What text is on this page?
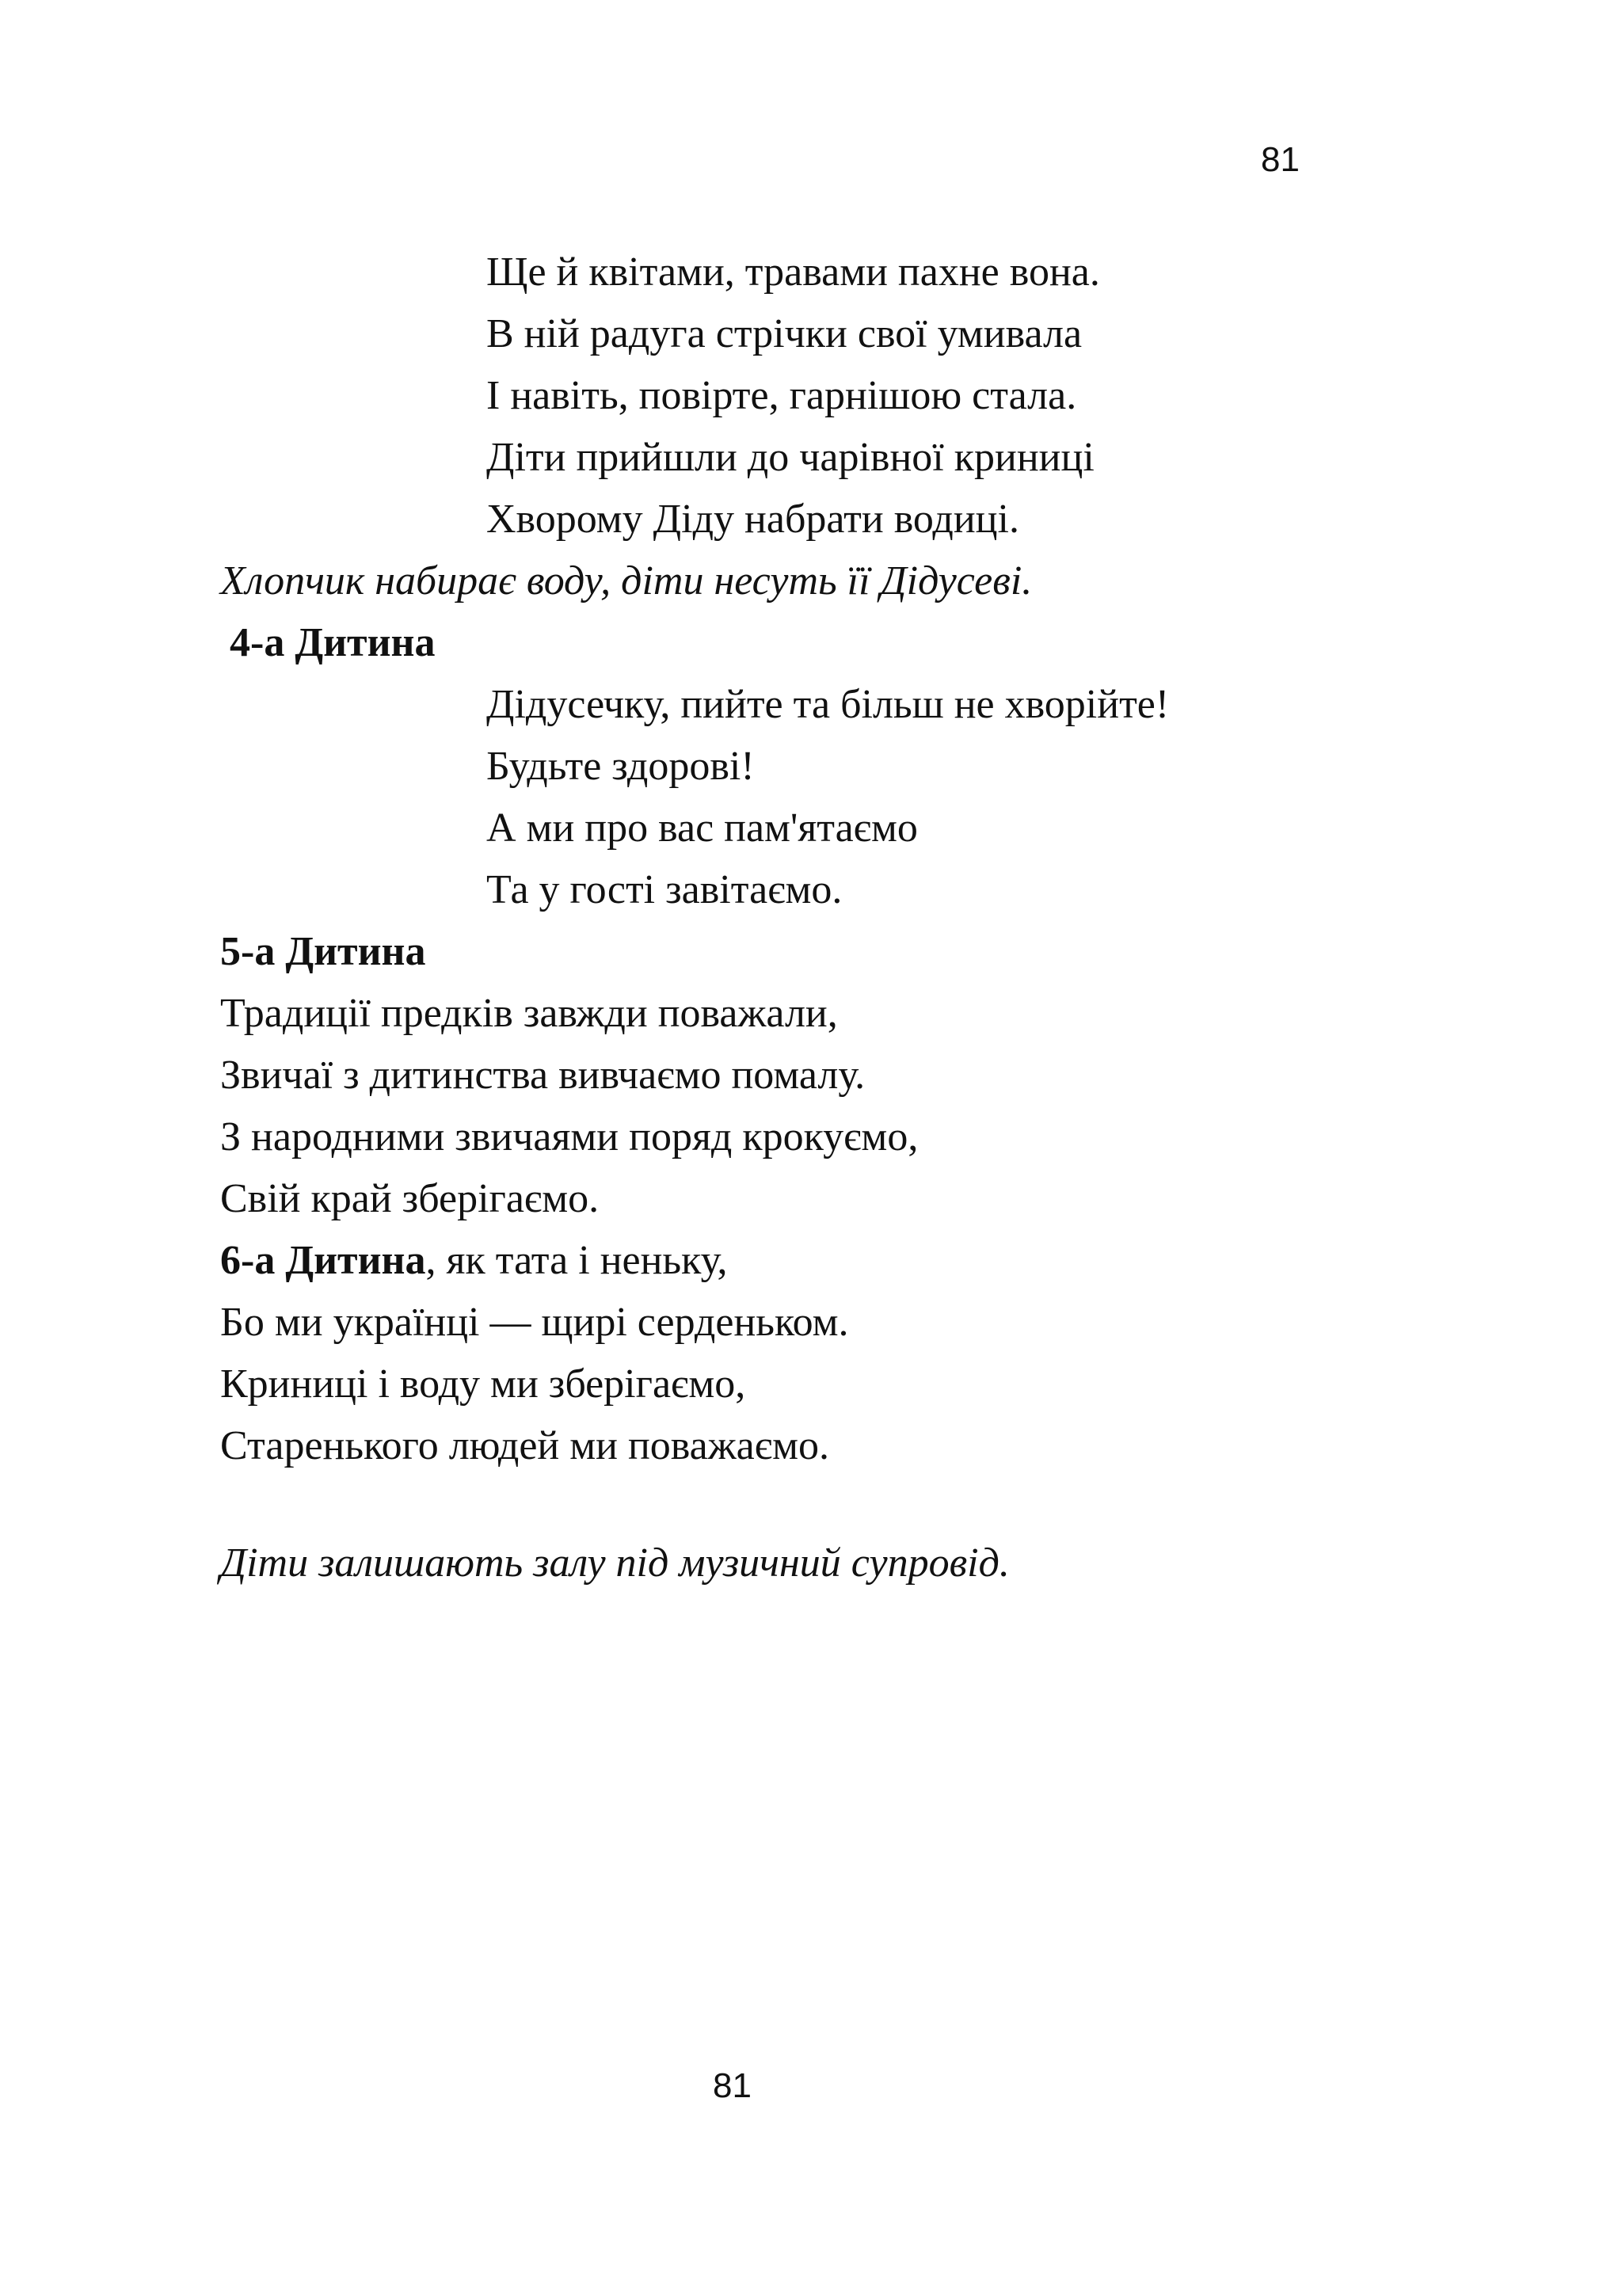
81
Ще й квітами, травами пахне вона.
В ній радуга стрічки свої умивала
І навіть, повірте, гарнішою стала.
Діти прийшли до чарівної криниці
Хворому Діду набрати водиці.
Хлопчик набирає воду, діти несуть її Дідусеві.
4-а Дитина
Дідусечку, пийте та більш не хворійте!
Будьте здорові!
А ми про вас пам'ятаємо
Та у гості завітаємо.
5-а Дитина
Традиції предків завжди поважали,
Звичаї з дитинства вивчаємо помалу.
З народними звичаями поряд крокуємо,
Свій край зберігаємо.
6-а Дитина, як тата і неньку,
Бо ми українці — щирі серденьком.
Криниці і воду ми зберігаємо,
Старенького людей ми поважаємо.
Діти залишають залу під музичний супровід.
81
